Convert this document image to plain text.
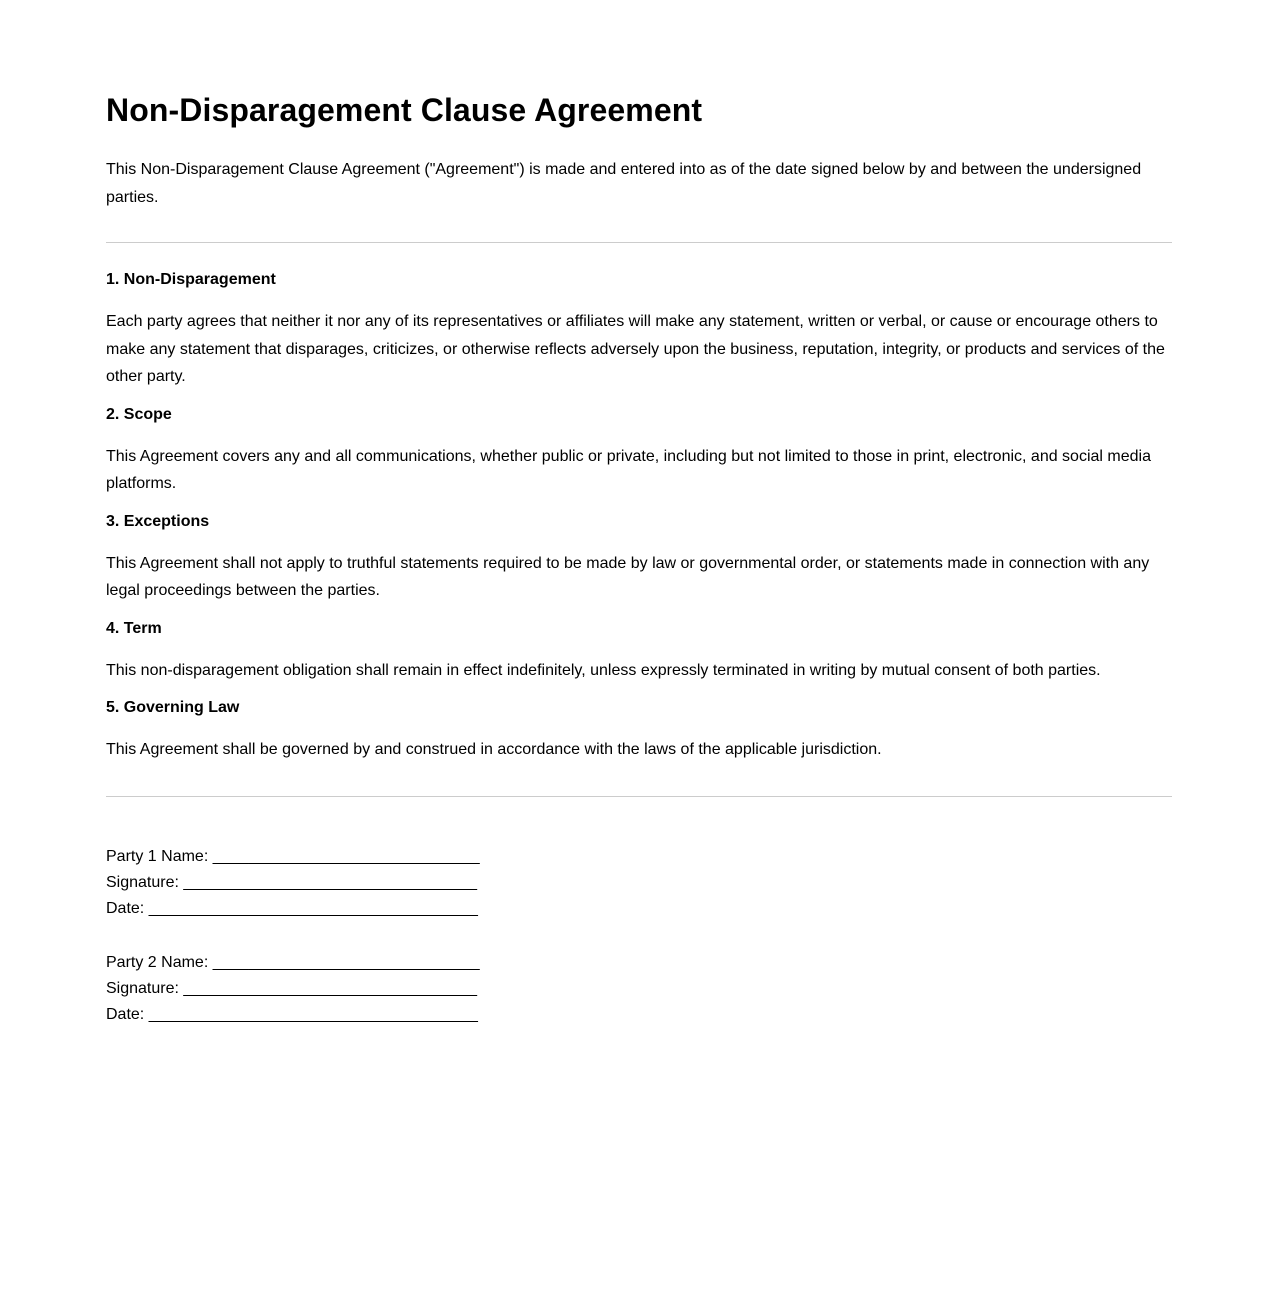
Non-Disparagement Clause Agreement

This Non-Disparagement Clause Agreement ("Agreement") is made and entered into as of the date signed below by and between the undersigned parties.

1. Non-Disparagement

Each party agrees that neither it nor any of its representatives or affiliates will make any statement, written or verbal, or cause or encourage others to make any statement that disparages, criticizes, or otherwise reflects adversely upon the business, reputation, integrity, or products and services of the other party.

2. Scope

This Agreement covers any and all communications, whether public or private, including but not limited to those in print, electronic, and social media platforms.

3. Exceptions

This Agreement shall not apply to truthful statements required to be made by law or governmental order, or statements made in connection with any legal proceedings between the parties.

4. Term

This non-disparagement obligation shall remain in effect indefinitely, unless expressly terminated in writing by mutual consent of both parties.

5. Governing Law

This Agreement shall be governed by and construed in accordance with the laws of the applicable jurisdiction.

Party 1 Name: ______________________________
Signature: _________________________________
Date: _____________________________________
Party 2 Name: ______________________________
Signature: _________________________________
Date: _____________________________________
